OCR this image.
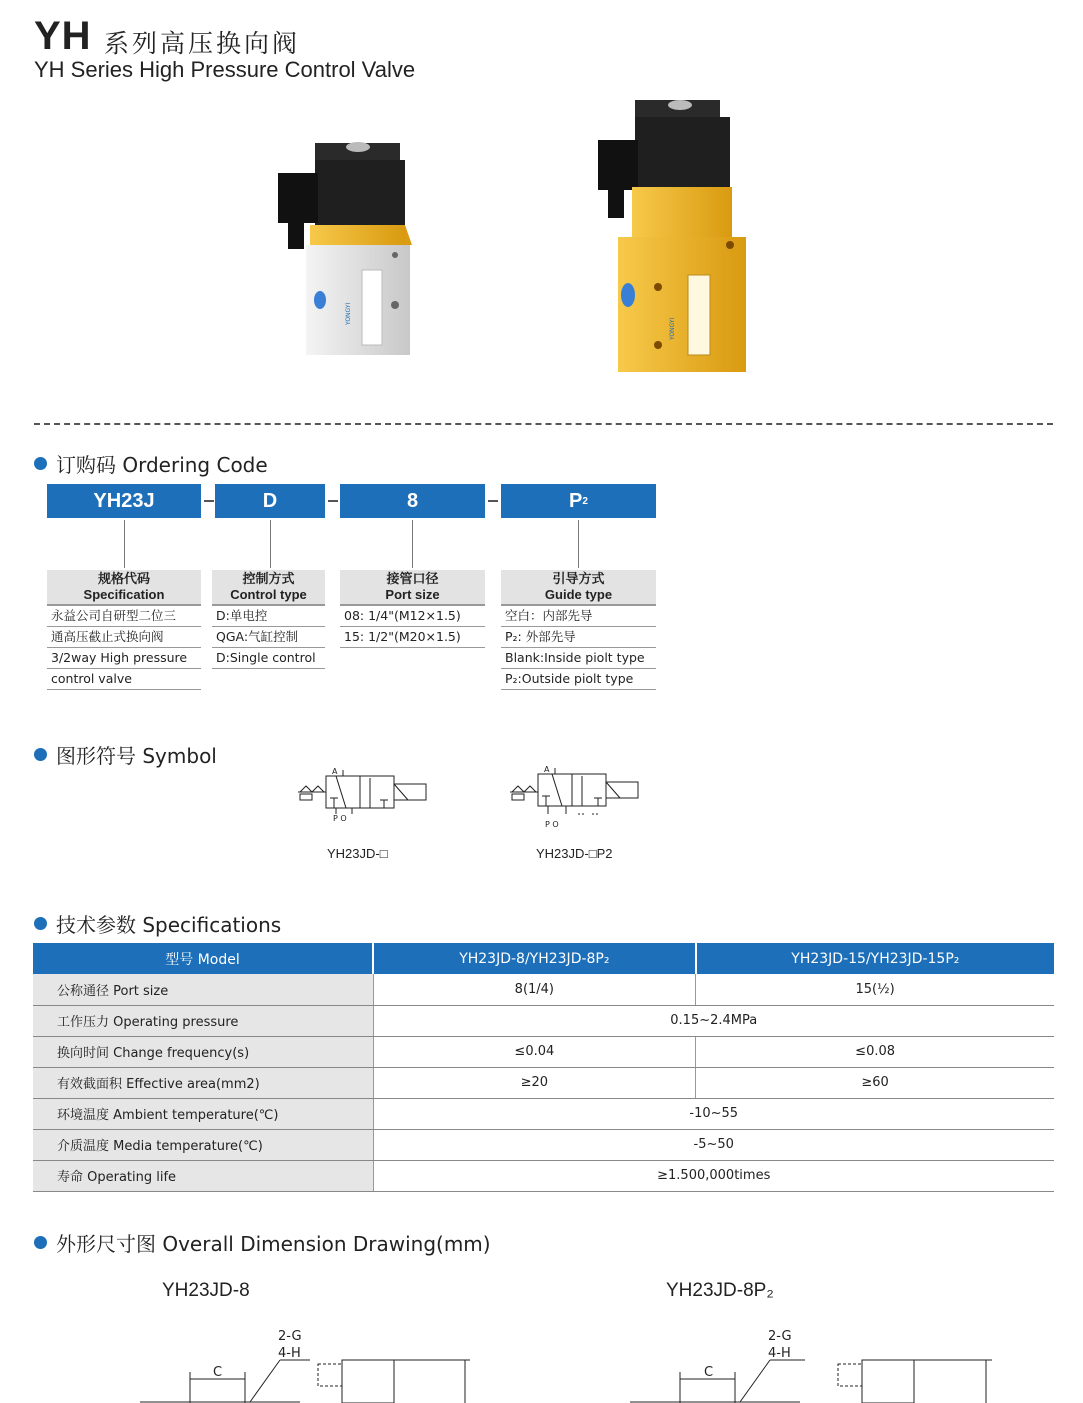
YH 系列高压换向阀
YH Series High Pressure Control Valve
YONGYI
YONGYI
订购码 Ordering Code
YH23J	D	8	P 2
规格代码
Specification
永益公司自研型二位三
通高压截止式换向阀
3/2way High pressure
control valve
控制方式
Control type
D:单电控
QGA:气缸控制
D:Single control
接管口径
Port size
08: 1/4"(M12×1.5)
15: 1/2"(M20×1.5)
引导方式
Guide type
空白：内部先导
P₂: 外部先导
Blank:Inside piolt type
P₂:Outside piolt type
图形符号 Symbol
A
P O
YH23JD-□
A
P O
YH23JD-□P2
技术参数 Specifications
型号 Model	YH23JD-8/YH23JD-8P₂	YH23JD-15/YH23JD-15P₂
公称通径 Port size	8(1/4)	15(½)
工作压力 Operating pressure	0.15~2.4MPa	
换向时间 Change frequency(s)	≤0.04	≤0.08
有效截面积 Effective area(mm2)	≥20	≥60
环境温度 Ambient temperature(℃)	-10~55	
介质温度 Media temperature(℃)	-5~50	
寿命 Operating life	≥1.500,000times	
外形尺寸图 Overall Dimension Drawing(mm)
YH23JD-8	YH23JD-8P₂
2-G
4-H
C
2-G
4-H
C
